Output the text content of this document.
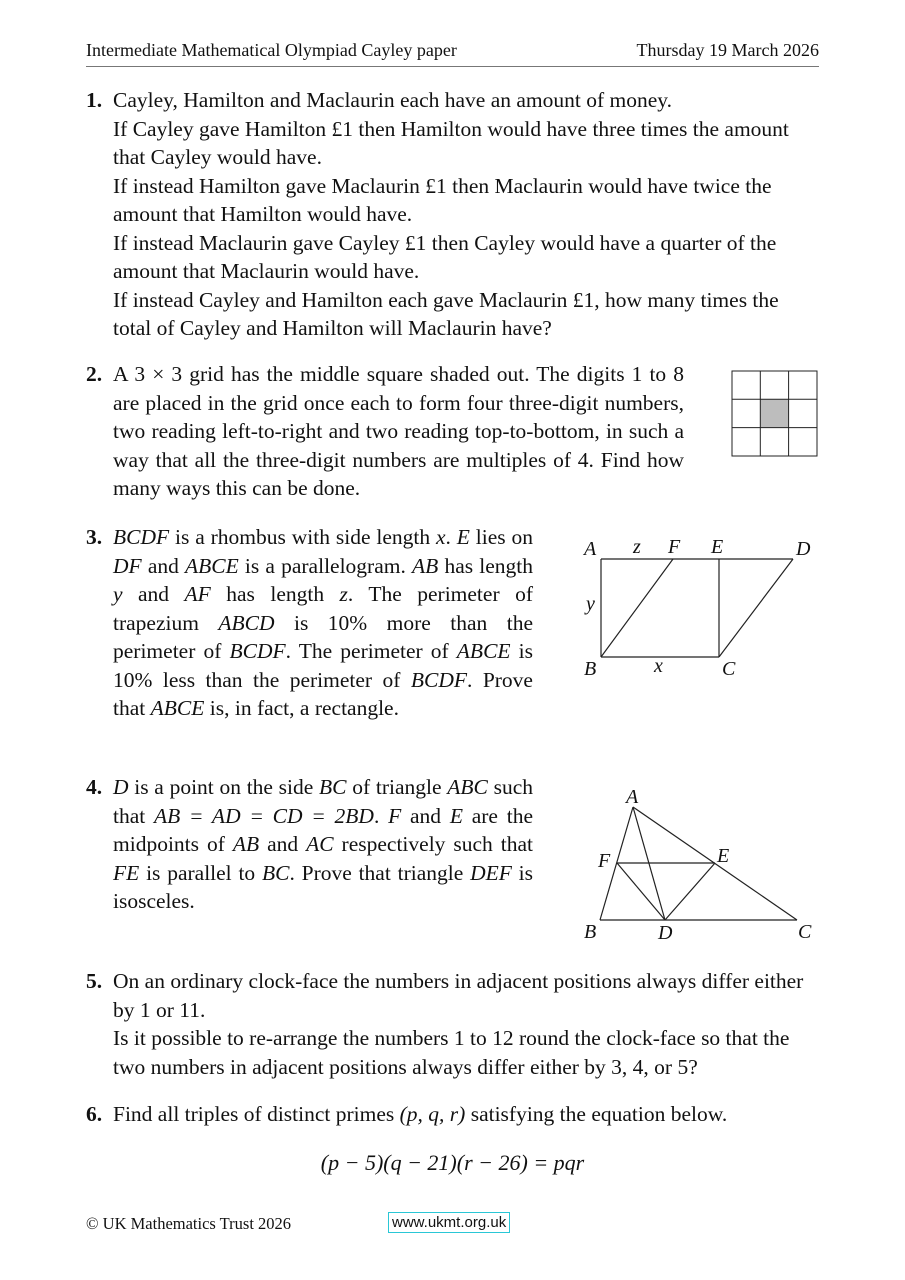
Intermediate Mathematical Olympiad Cayley paper	Thursday 19 March 2026
1. Cayley, Hamilton and Maclaurin each have an amount of money.

If Cayley gave Hamilton £1 then Hamilton would have three times the amount that Cayley would have.

If instead Hamilton gave Maclaurin £1 then Maclaurin would have twice the amount that Hamilton would have.

If instead Maclaurin gave Cayley £1 then Cayley would have a quarter of the amount that Maclaurin would have.

If instead Cayley and Hamilton each gave Maclaurin £1, how many times the total of Cayley and Hamilton will Maclaurin have?

2. A 3 × 3 grid has the middle square shaded out. The digits 1 to 8 are placed in the grid once each to form four three-digit numbers, two reading left-to-right and two reading top-to-bottom, in such a way that all the three-digit numbers are multiples of 4. Find how many ways this can be done.
3. BCDF is a rhombus with side length x. E lies on DF and ABCE is a parallelogram. AB has length y and AF has length z. The perimeter of trapezium ABCD is 10% more than the perimeter of BCDF. The perimeter of ABCE is 10% less than the perimeter of BCDF. Prove that ABCE is, in fact, a rectangle.
A z F E	D
y
B	x	C
4. D is a point on the side BC of triangle ABC such that AB = AD = CD = 2BD. F and E are the midpoints of AB and AC respectively such that FE is parallel to BC. Prove that triangle DEF is isosceles.
A
F	E
B	D	C
5. On an ordinary clock-face the numbers in adjacent positions always differ either by 1 or 11.

Is it possible to re-arrange the numbers 1 to 12 round the clock-face so that the two numbers in adjacent positions always differ either by 3, 4, or 5?

6. Find all triples of distinct primes (p, q, r) satisfying the equation below.
(p − 5)(q − 21)(r − 26) = pqr
© UK Mathematics Trust 2026	www.ukmt.org.uk
